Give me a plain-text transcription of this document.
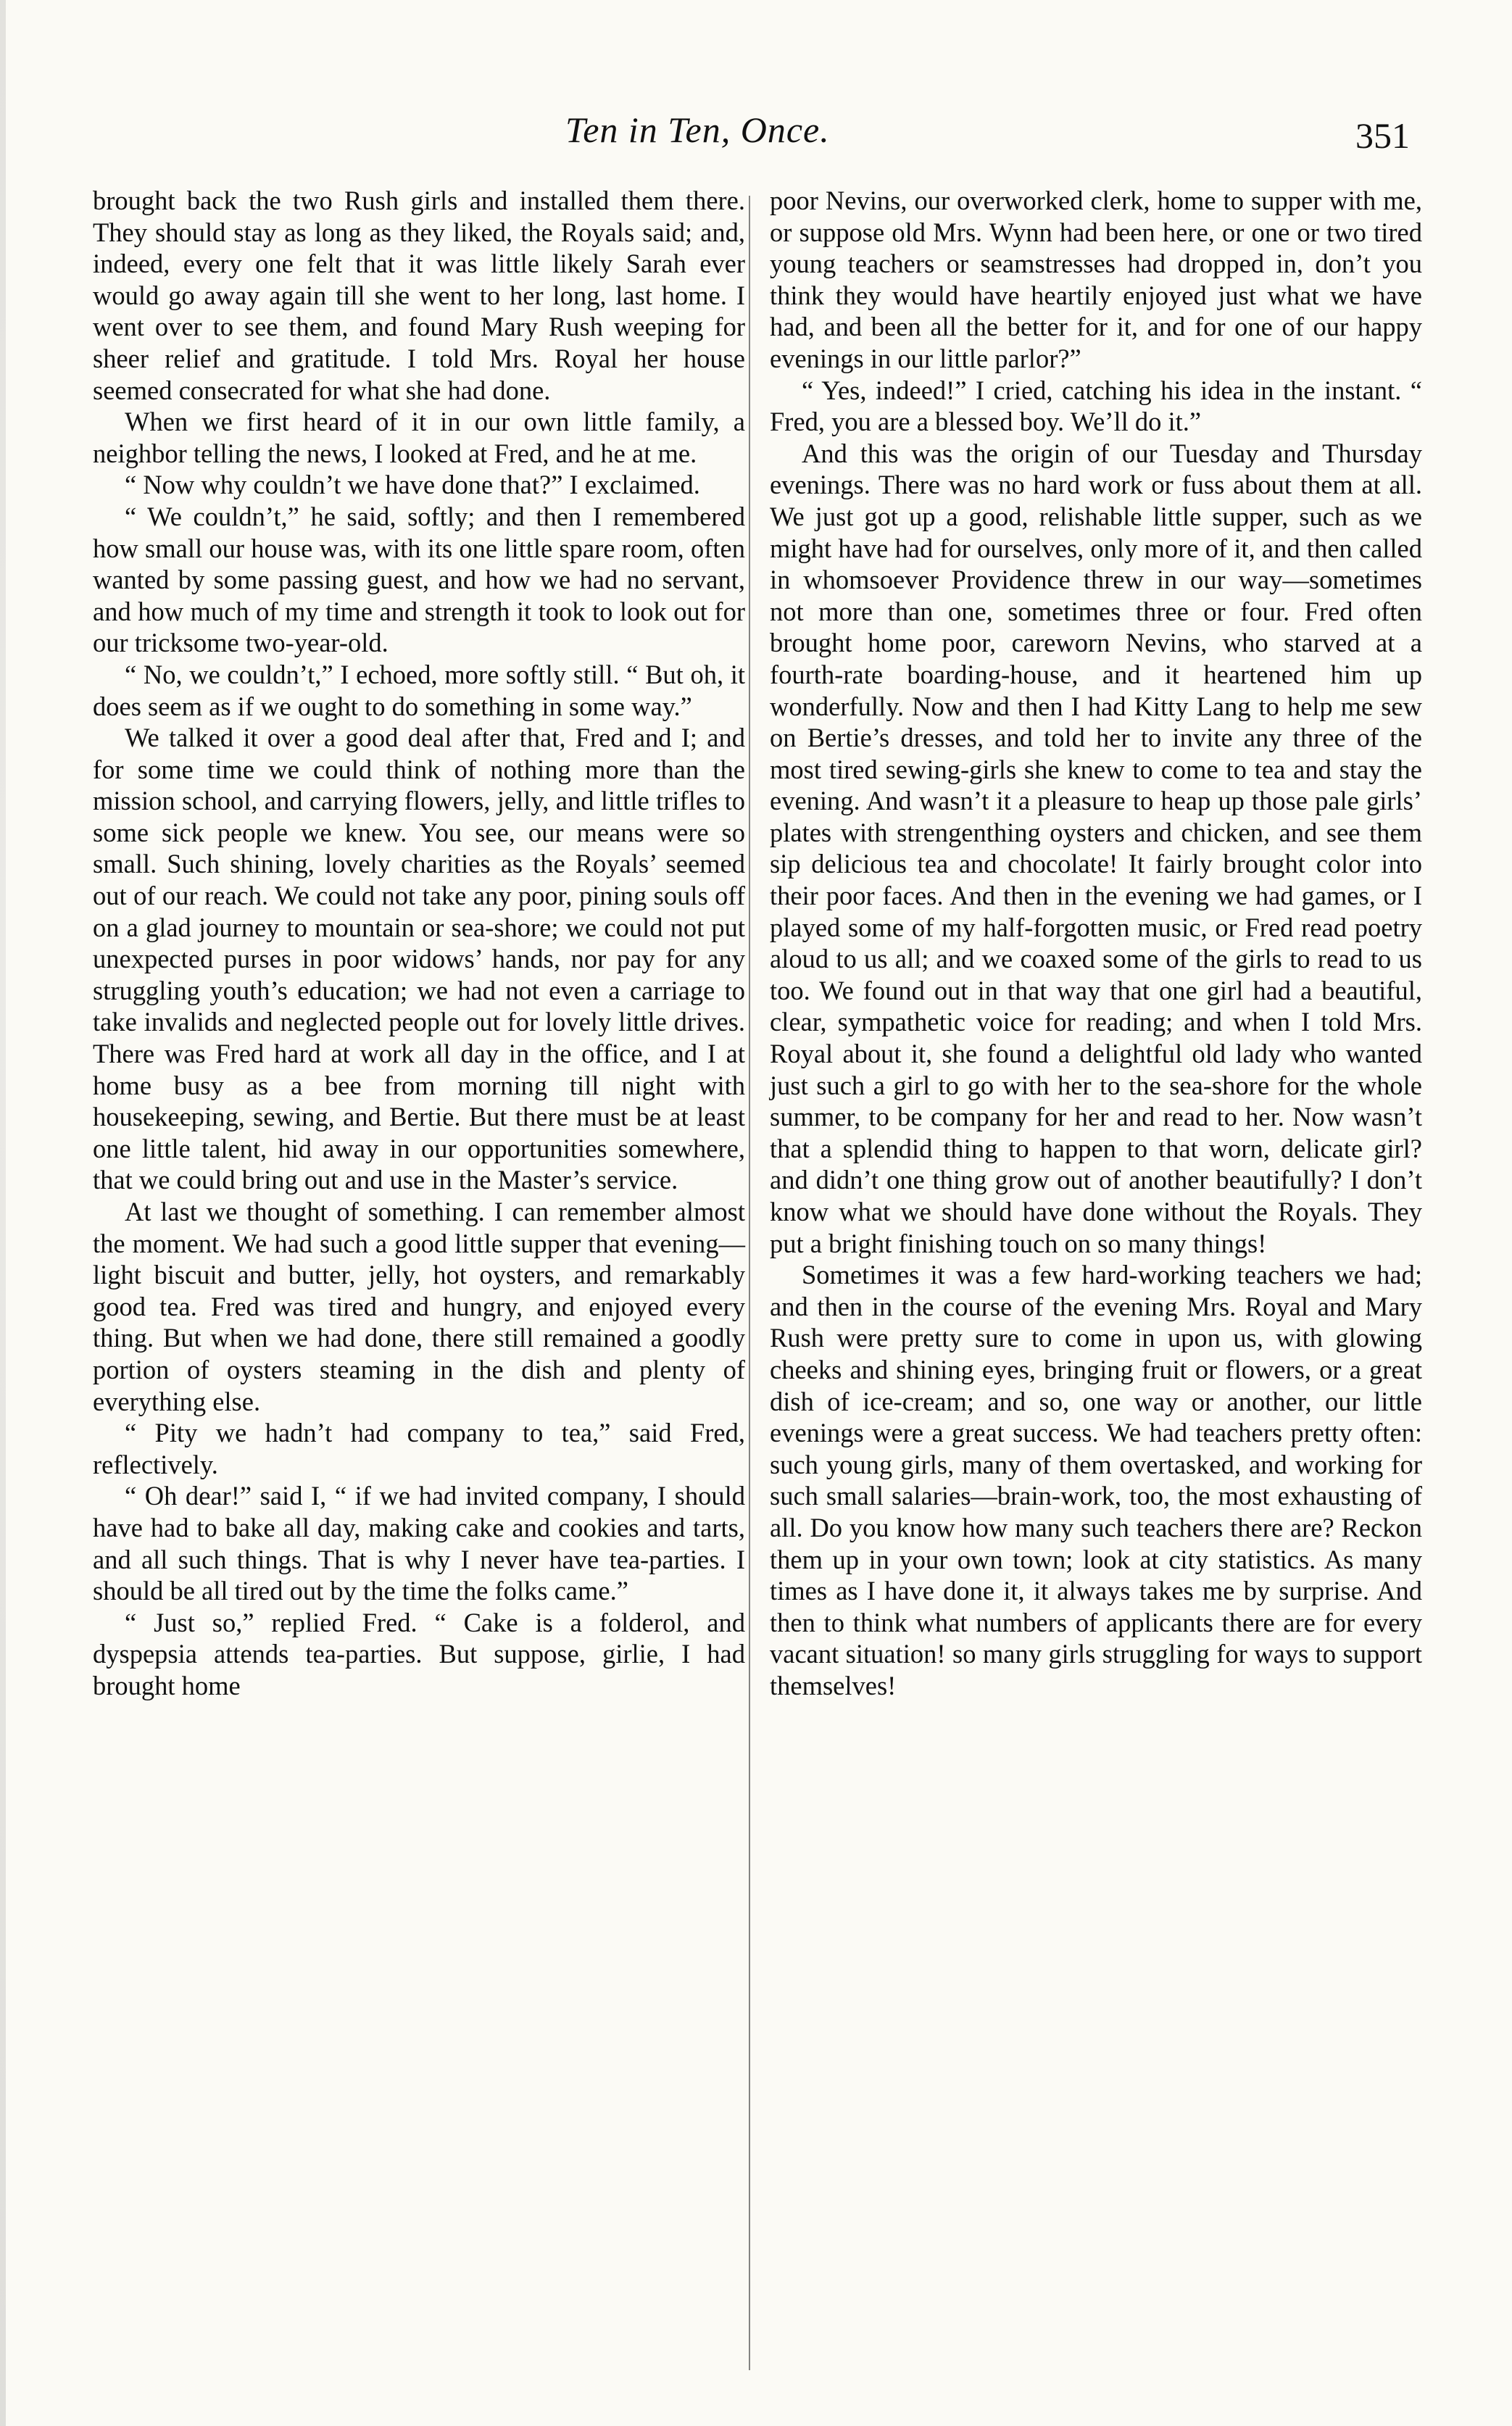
Ten in Ten, Once.	351

brought back the two Rush girls and installed them there. They should stay as long as they liked, the Royals said; and, indeed, every one felt that it was little likely Sarah ever would go away again till she went to her long, last home. I went over to see them, and found Mary Rush weeping for sheer relief and gratitude. I told Mrs. Royal her house seemed consecrated for what she had done.

When we first heard of it in our own little family, a neighbor telling the news, I looked at Fred, and he at me.

“ Now why couldn’t we have done that?” I exclaimed.

“ We couldn’t,” he said, softly; and then I remembered how small our house was, with its one little spare room, often wanted by some passing guest, and how we had no servant, and how much of my time and strength it took to look out for our tricksome two-year-old.

“ No, we couldn’t,” I echoed, more softly still. “ But oh, it does seem as if we ought to do something in some way.”

We talked it over a good deal after that, Fred and I; and for some time we could think of nothing more than the mission school, and carrying flowers, jelly, and little trifles to some sick people we knew. You see, our means were so small. Such shining, lovely charities as the Royals’ seemed out of our reach. We could not take any poor, pining souls off on a glad journey to mountain or sea-shore; we could not put unexpected purses in poor widows’ hands, nor pay for any struggling youth’s education; we had not even a carriage to take invalids and neglected people out for lovely little drives. There was Fred hard at work all day in the office, and I at home busy as a bee from morning till night with housekeeping, sewing, and Bertie. But there must be at least one little talent, hid away in our opportunities somewhere, that we could bring out and use in the Master’s service.

At last we thought of something. I can remember almost the moment. We had such a good little supper that evening—light biscuit and butter, jelly, hot oysters, and remarkably good tea. Fred was tired and hungry, and enjoyed every thing. But when we had done, there still remained a goodly portion of oysters steaming in the dish and plenty of everything else.

“ Pity we hadn’t had company to tea,” said Fred, reflectively.

“ Oh dear!” said I, “ if we had invited company, I should have had to bake all day, making cake and cookies and tarts, and all such things. That is why I never have tea-parties. I should be all tired out by the time the folks came.”

“ Just so,” replied Fred. “ Cake is a folderol, and dyspepsia attends tea-parties. But suppose, girlie, I had brought home

poor Nevins, our overworked clerk, home to supper with me, or suppose old Mrs. Wynn had been here, or one or two tired young teachers or seamstresses had dropped in, don’t you think they would have heartily enjoyed just what we have had, and been all the better for it, and for one of our happy evenings in our little parlor?”

“ Yes, indeed!” I cried, catching his idea in the instant. “ Fred, you are a blessed boy. We’ll do it.”

And this was the origin of our Tuesday and Thursday evenings. There was no hard work or fuss about them at all. We just got up a good, relishable little supper, such as we might have had for ourselves, only more of it, and then called in whomsoever Providence threw in our way—sometimes not more than one, sometimes three or four. Fred often brought home poor, careworn Nevins, who starved at a fourth-rate boarding-house, and it heartened him up wonderfully. Now and then I had Kitty Lang to help me sew on Bertie’s dresses, and told her to invite any three of the most tired sewing-girls she knew to come to tea and stay the evening. And wasn’t it a pleasure to heap up those pale girls’ plates with strengenthing oysters and chicken, and see them sip delicious tea and chocolate! It fairly brought color into their poor faces. And then in the evening we had games, or I played some of my half-forgotten music, or Fred read poetry aloud to us all; and we coaxed some of the girls to read to us too. We found out in that way that one girl had a beautiful, clear, sympathetic voice for reading; and when I told Mrs. Royal about it, she found a delightful old lady who wanted just such a girl to go with her to the sea-shore for the whole summer, to be company for her and read to her. Now wasn’t that a splendid thing to happen to that worn, delicate girl? and didn’t one thing grow out of another beautifully? I don’t know what we should have done without the Royals. They put a bright finishing touch on so many things!

Sometimes it was a few hard-working teachers we had; and then in the course of the evening Mrs. Royal and Mary Rush were pretty sure to come in upon us, with glowing cheeks and shining eyes, bringing fruit or flowers, or a great dish of ice-cream; and so, one way or another, our little evenings were a great success. We had teachers pretty often: such young girls, many of them overtasked, and working for such small salaries—brain-work, too, the most exhausting of all. Do you know how many such teachers there are? Reckon them up in your own town; look at city statistics. As many times as I have done it, it always takes me by surprise. And then to think what numbers of applicants there are for every vacant situation! so many girls struggling for ways to support themselves!
